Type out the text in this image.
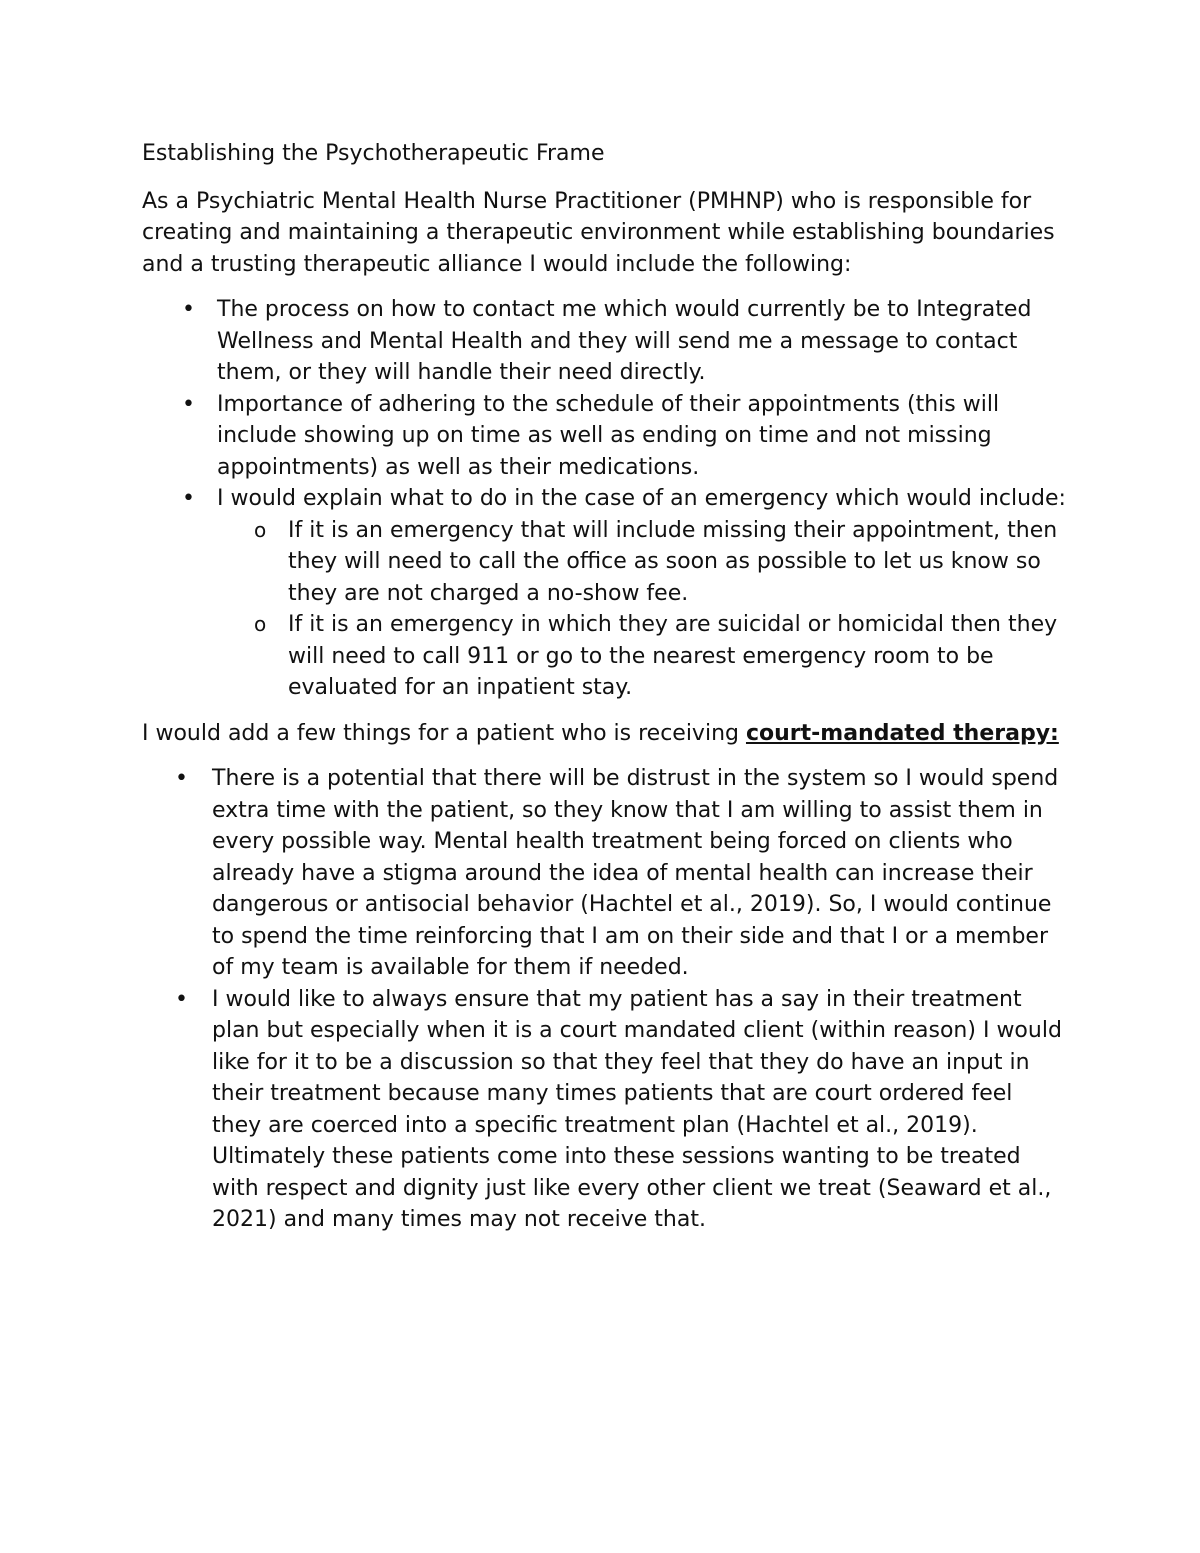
Establishing the Psychotherapeutic Frame

As a Psychiatric Mental Health Nurse Practitioner (PMHNP) who is responsible for creating and maintaining a therapeutic environment while establishing boundaries and a trusting therapeutic alliance I would include the following:

• The process on how to contact me which would currently be to Integrated Wellness and Mental Health and they will send me a message to contact them, or they will handle their need directly.
• Importance of adhering to the schedule of their appointments (this will include showing up on time as well as ending on time and not missing appointments) as well as their medications.
• I would explain what to do in the case of an emergency which would include:
o If it is an emergency that will include missing their appointment, then they will need to call the office as soon as possible to let us know so they are not charged a no-show fee.
o If it is an emergency in which they are suicidal or homicidal then they will need to call 911 or go to the nearest emergency room to be evaluated for an inpatient stay.

I would add a few things for a patient who is receiving court-mandated therapy:

• There is a potential that there will be distrust in the system so I would spend extra time with the patient, so they know that I am willing to assist them in every possible way. Mental health treatment being forced on clients who already have a stigma around the idea of mental health can increase their dangerous or antisocial behavior (Hachtel et al., 2019). So, I would continue to spend the time reinforcing that I am on their side and that I or a member of my team is available for them if needed.
• I would like to always ensure that my patient has a say in their treatment plan but especially when it is a court mandated client (within reason) I would like for it to be a discussion so that they feel that they do have an input in their treatment because many times patients that are court ordered feel they are coerced into a specific treatment plan (Hachtel et al., 2019). Ultimately these patients come into these sessions wanting to be treated with respect and dignity just like every other client we treat (Seaward et al., 2021) and many times may not receive that.
